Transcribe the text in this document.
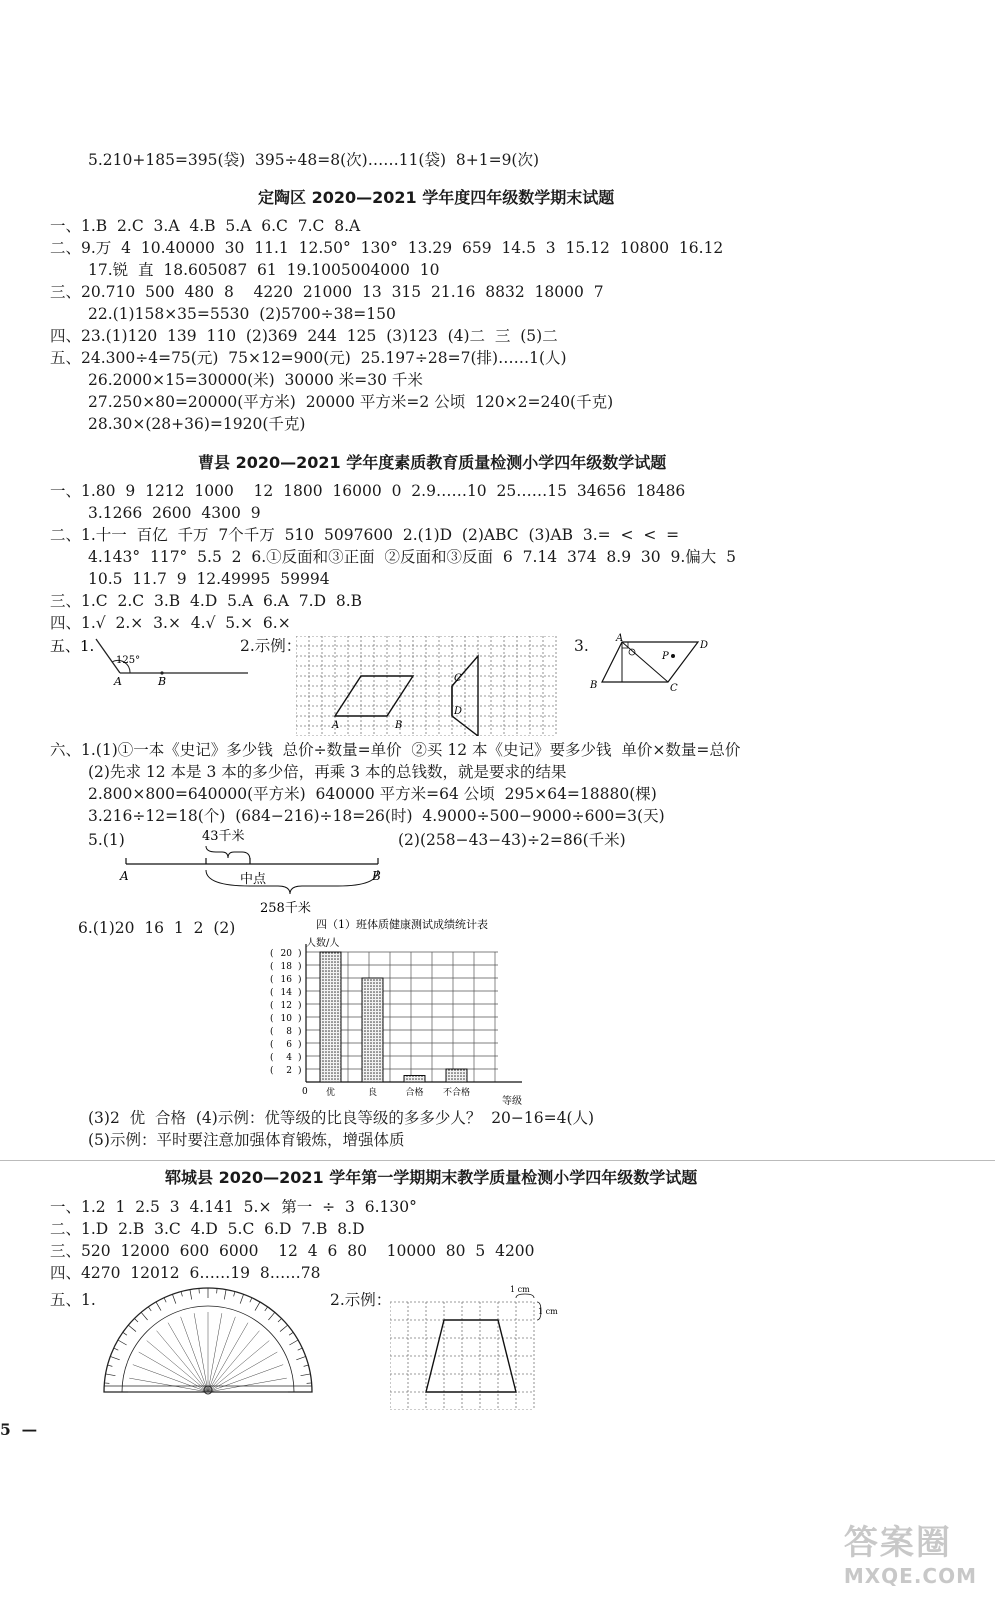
5.210+185=395(袋)  395÷48=8(次)……11(袋)  8+1=9(次)
定陶区 2020—2021 学年度四年级数学期末试题
一、1.B  2.C  3.A  4.B  5.A  6.C  7.C  8.A
二、9.万  4  10.40000  30  11.1  12.50°  130°  13.29  659  14.5  3  15.12  10800  16.12
17.锐  直  18.605087  61  19.1005004000  10
三、20.710  500  480  8    4220  21000  13  315  21.16  8832  18000  7
22.(1)158×35=5530  (2)5700÷38=150
四、23.(1)120  139  110  (2)369  244  125  (3)123  (4)二  三  (5)二
五、24.300÷4=75(元)  75×12=900(元)  25.197÷28=7(排)……1(人)
26.2000×15=30000(米)  30000 米=30 千米
27.250×80=20000(平方米)  20000 平方米=2 公顷  120×2=240(千克)
28.30×(28+36)=1920(千克)
曹县 2020—2021 学年度素质教育质量检测小学四年级数学试题
一、1.80  9  1212  1000    12  1800  16000  0  2.9……10  25……15  34656  18486
3.1266  2600  4300  9
二、1.十一  百亿  千万  7个千万  510  5097600  2.(1)D  (2)ABC  (3)AB  3.=  <  <  =
4.143°  117°  5.5  2  6.①反面和③正面  ②反面和③反面  6  7.14  374  8.9  30  9.偏大  5
10.5  11.7  9  12.49995  59994
三、1.C  2.C  3.B  4.D  5.A  6.A  7.D  8.B
四、1.√  2.×  3.×  4.√  5.×  6.×
五、1.
125°
A	B
2.示例：
A	B
C
D
3.	A
D
B	C
P
六、1.(1)①一本《史记》多少钱  总价÷数量=单价  ②买 12 本《史记》要多少钱  单价×数量=总价
(2)先求 12 本是 3 本的多少倍，再乘 3 本的总钱数，就是要求的结果
2.800×800=640000(平方米)  640000 平方米=64 公顷  295×64=18880(棵)
3.216÷12=18(个)  (684−216)÷18=26(时)  4.9000÷500−9000÷600=3(天)
5.(1)	(2)(258−43−43)÷2=86(千米)
43千米
A	B
中点
258千米
6.(1)20  16  1  2  (2)	四（1）班体质健康测试成绩统计表
2
(	)
4
(	)
6
(	)
8
(	)
10
(	)
12
(	)
14
(	)
16
(	)
18
(	)
20
(	)
0 优	良	合格 不合格
人数/人
等级
(3)2  优  合格  (4)示例：优等级的比良等级的多多少人？  20−16=4(人)
(5)示例：平时要注意加强体育锻炼，增强体质
郓城县 2020—2021 学年第一学期期末教学质量检测小学四年级数学试题
一、1.2  1  2.5  3  4.141  5.×  第一  ÷  3  6.130°
二、1.D  2.B  3.C  4.D  5.C  6.D  7.B  8.D
三、520  12000  600  6000    12  4  6  80    10000  80  5  4200
四、4270  12012  6……19  8……78
五、1.	2.示例：
1 cm
1 cm
5  —
答案圈
MXQE.COM
